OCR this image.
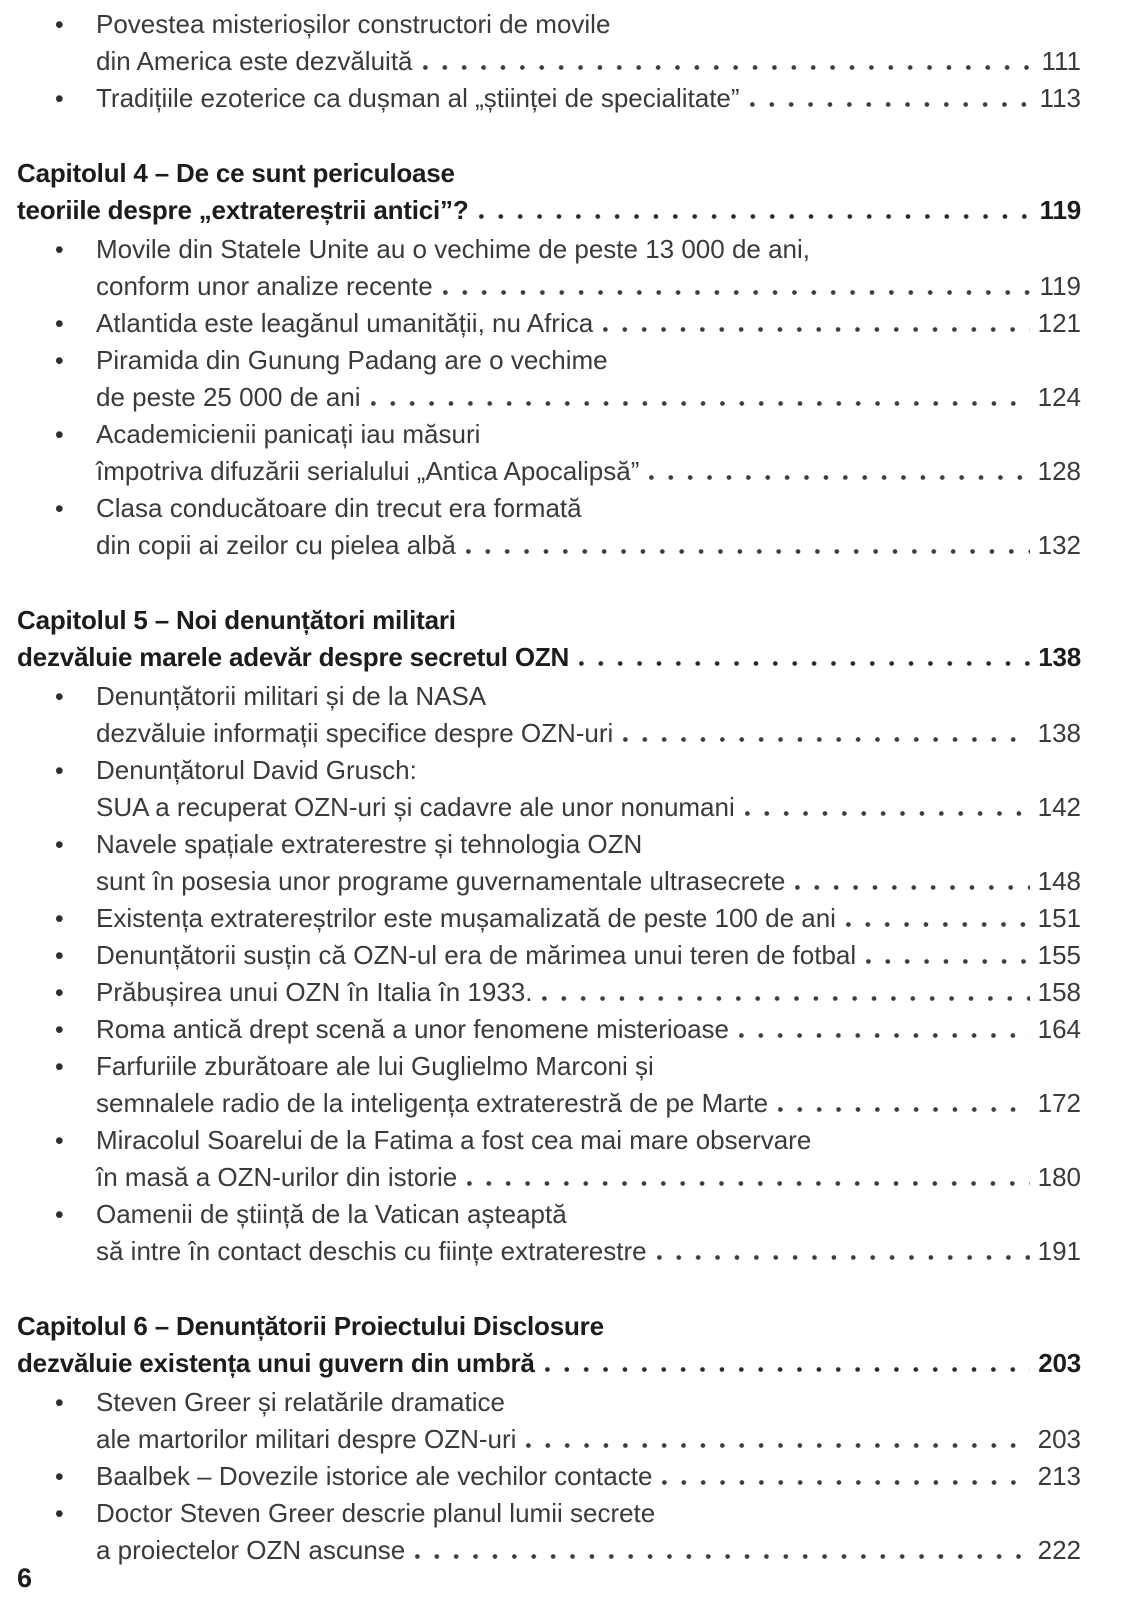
•	Povestea misterioșilor constructori de movile
din America este dezvăluită	111
•	Tradițiile ezoterice ca dușman al „științei de specialitate”	113
Capitolul 4 – De ce sunt periculoase
teoriile despre „extratereștrii antici”?	119
•	Movile din Statele Unite au o vechime de peste 13 000 de ani,
conform unor analize recente	119
•	Atlantida este leagănul umanității, nu Africa	121
•	Piramida din Gunung Padang are o vechime
de peste 25 000 de ani	124
•	Academicienii panicați iau măsuri
împotriva difuzării serialului „Antica Apocalipsă”	128
•	Clasa conducătoare din trecut era formată
din copii ai zeilor cu pielea albă	132
Capitolul 5 – Noi denunțători militari
dezvăluie marele adevăr despre secretul OZN	138
•	Denunțătorii militari și de la NASA
dezvăluie informații specifice despre OZN-uri	138
•	Denunțătorul David Grusch:
SUA a recuperat OZN-uri și cadavre ale unor nonumani	142
•	Navele spațiale extraterestre și tehnologia OZN
sunt în posesia unor programe guvernamentale ultrasecrete	148
•	Existența extratereștrilor este mușamalizată de peste 100 de ani	151
•	Denunțătorii susțin că OZN-ul era de mărimea unui teren de fotbal	155
•	Prăbușirea unui OZN în Italia în 1933.	158
•	Roma antică drept scenă a unor fenomene misterioase	164
•	Farfuriile zburătoare ale lui Guglielmo Marconi și
semnalele radio de la inteligența extraterestră de pe Marte	172
•	Miracolul Soarelui de la Fatima a fost cea mai mare observare
în masă a OZN-urilor din istorie	180
•	Oamenii de știință de la Vatican așteaptă
să intre în contact deschis cu ființe extraterestre	191
Capitolul 6 – Denunțătorii Proiectului Disclosure
dezvăluie existența unui guvern din umbră	203
•	Steven Greer și relatările dramatice
ale martorilor militari despre OZN-uri	203
•	Baalbek – Dovezile istorice ale vechilor contacte	213
•	Doctor Steven Greer descrie planul lumii secrete
a proiectelor OZN ascunse	222
6
